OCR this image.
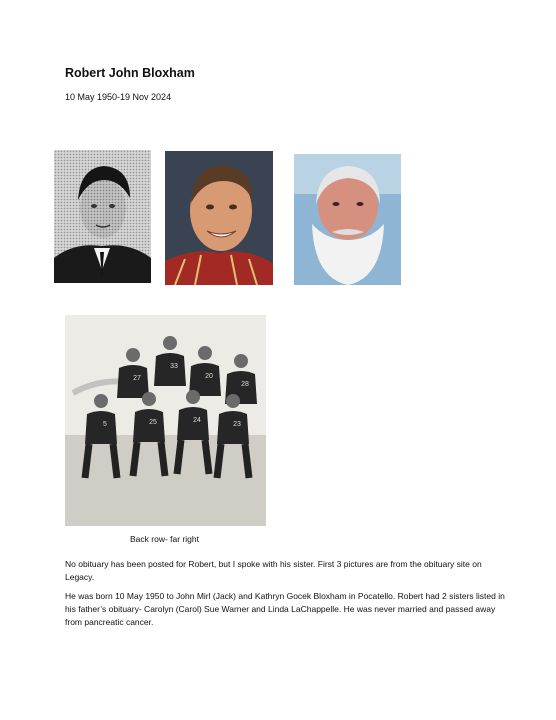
Robert John Bloxham
10 May 1950-19 Nov 2024
27
33
20
28
5	25	24
23
Back row- far right
No obituary has been posted for Robert, but I spoke with his sister. First 3 pictures are from the obituary site on Legacy.
He was born 10 May 1950 to John Mirl (Jack) and Kathryn Gocek Bloxham in Pocatello. Robert had 2 sisters listed in his father’s obituary- Carolyn (Carol) Sue Warner and Linda LaChappelle. He was never married and passed away from pancreatic cancer.
